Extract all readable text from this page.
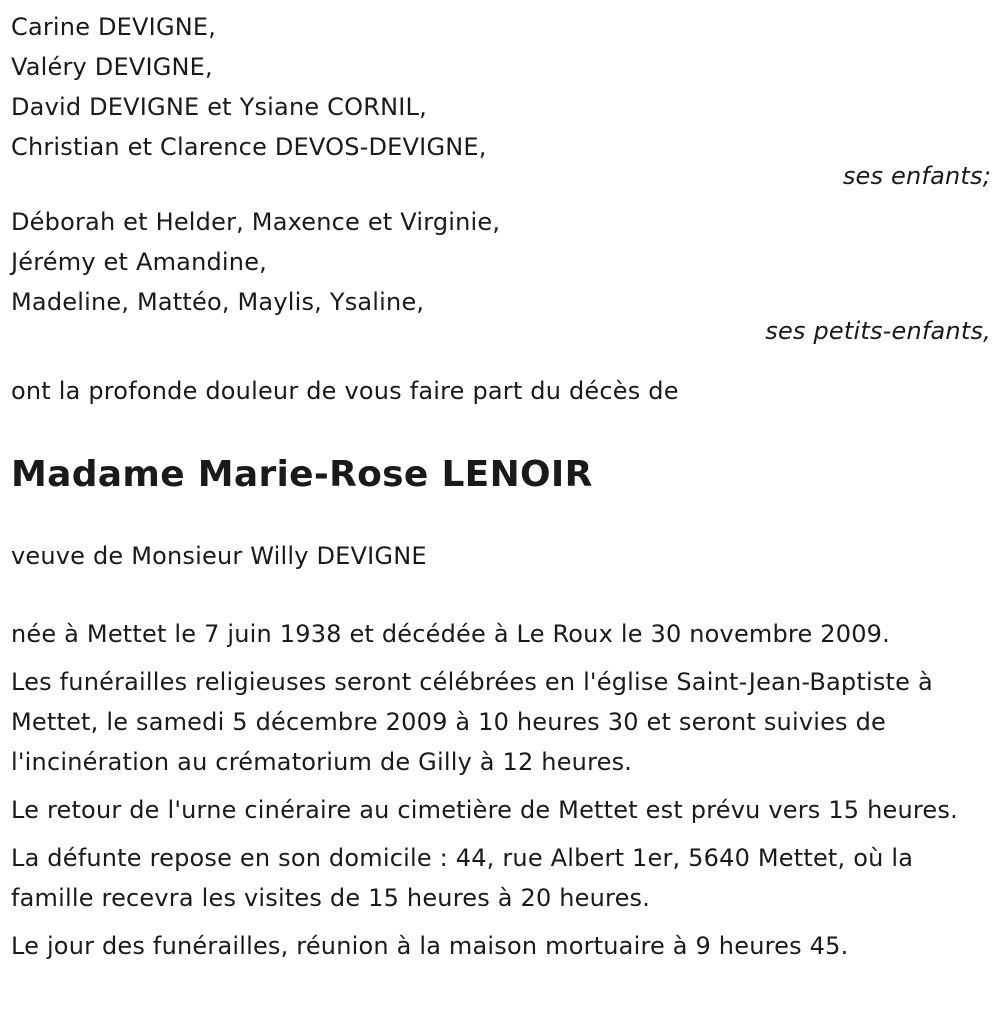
Carine DEVIGNE,

Valéry DEVIGNE,

David DEVIGNE et Ysiane CORNIL,

Christian et Clarence DEVOS-DEVIGNE,

ses enfants;

Déborah et Helder, Maxence et Virginie,

Jérémy et Amandine,

Madeline, Mattéo, Maylis, Ysaline,

ses petits-enfants,

ont la profonde douleur de vous faire part du décès de

Madame Marie-Rose LENOIR

veuve de Monsieur Willy DEVIGNE

née à Mettet le 7 juin 1938 et décédée à Le Roux le 30 novembre 2009.

Les funérailles religieuses seront célébrées en l'église Saint-Jean-Baptiste à Mettet, le samedi 5 décembre 2009 à 10 heures 30 et seront suivies de l'incinération au crématorium de Gilly à 12 heures.

Le retour de l'urne cinéraire au cimetière de Mettet est prévu vers 15 heures.

La défunte repose en son domicile : 44, rue Albert 1er, 5640 Mettet, où la famille recevra les visites de 15 heures à 20 heures.

Le jour des funérailles, réunion à la maison mortuaire à 9 heures 45.
